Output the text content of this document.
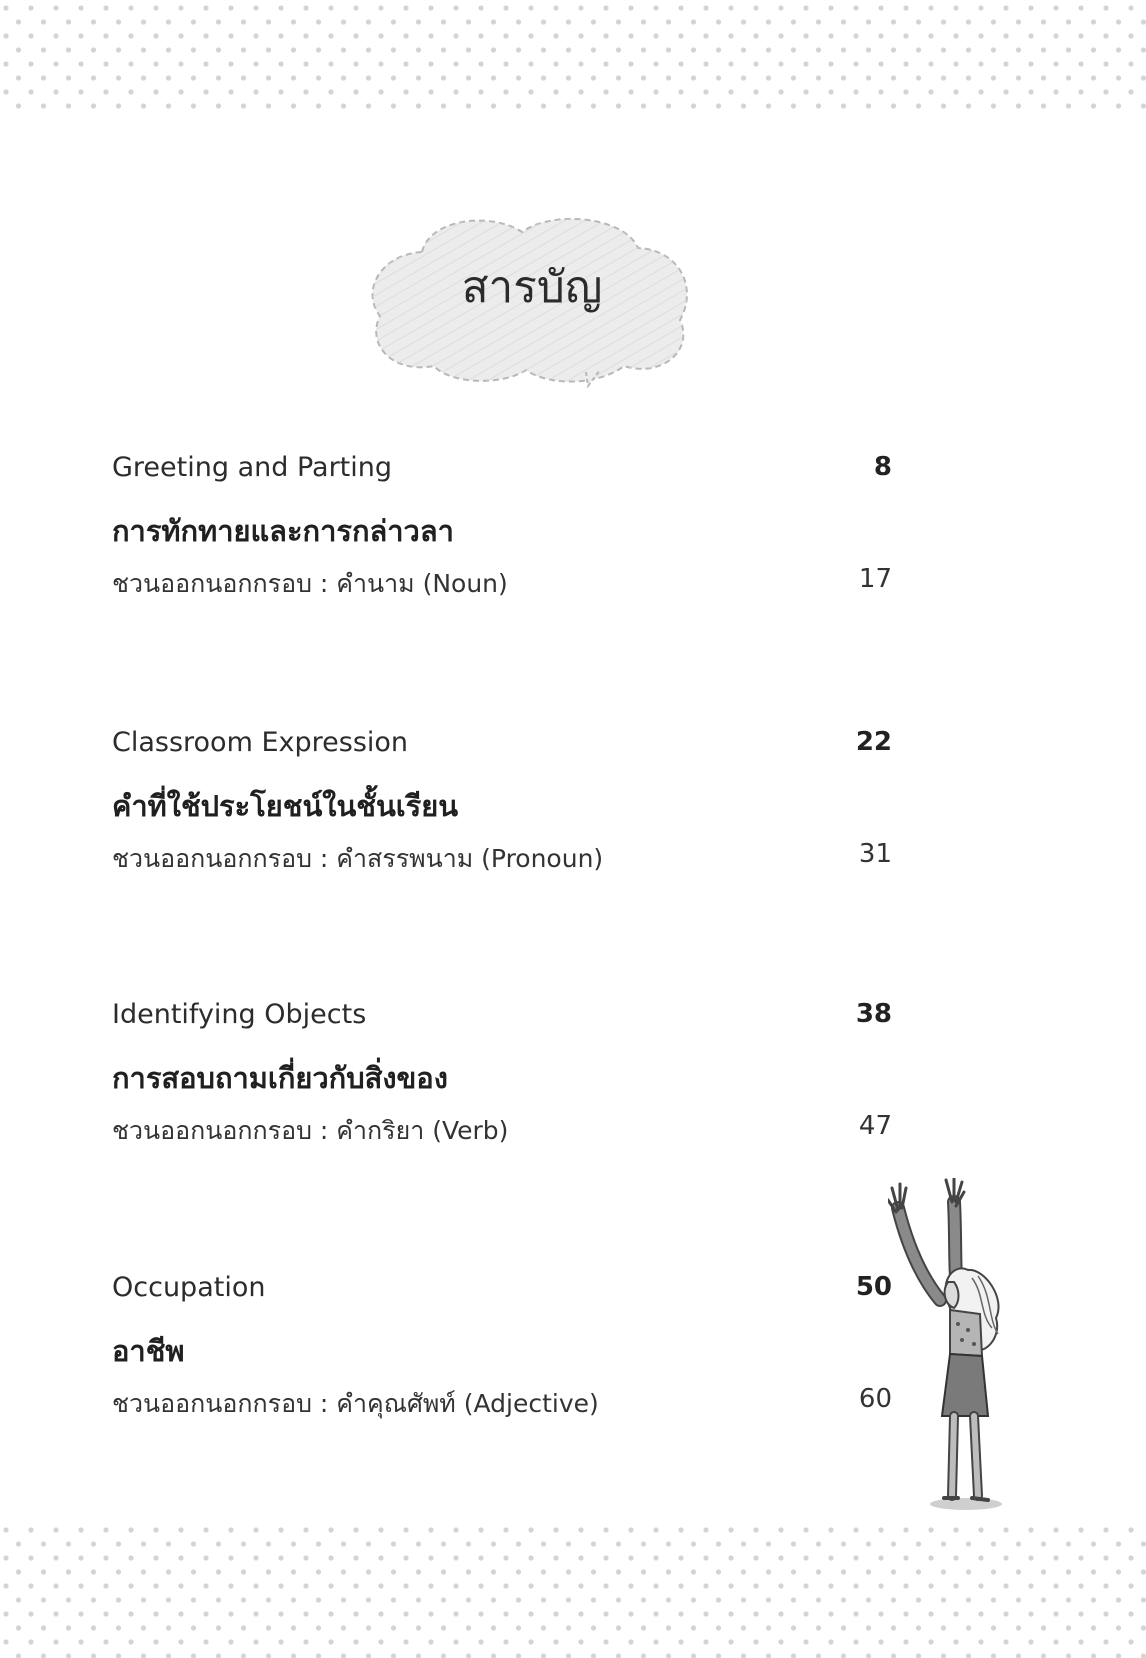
สารบัญ
Greeting and Parting	8
การทักทายและการกล่าวลา
ชวนออกนอกกรอบ : คำนาม (Noun)	17
Classroom Expression	22
คำที่ใช้ประโยชน์ในชั้นเรียน
ชวนออกนอกกรอบ : คำสรรพนาม (Pronoun)	31
Identifying Objects	38
การสอบถามเกี่ยวกับสิ่งของ
ชวนออกนอกกรอบ : คำกริยา (Verb)	47
Occupation	50
อาชีพ
ชวนออกนอกกรอบ : คำคุณศัพท์ (Adjective)	60
